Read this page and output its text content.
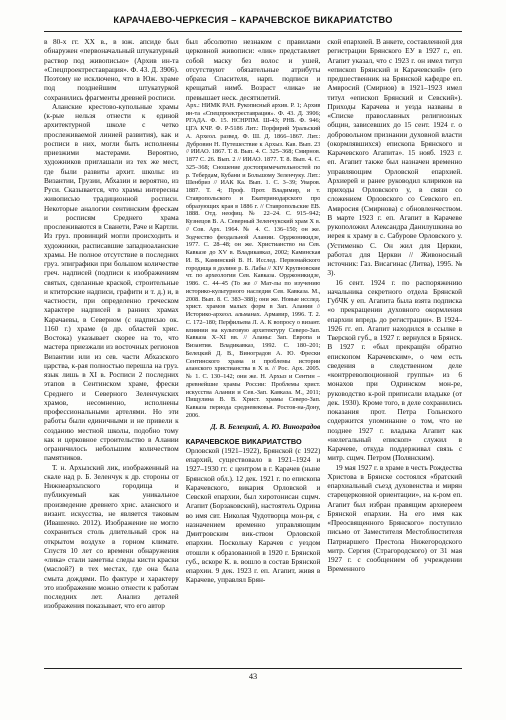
КАРАЧАЕВО-ЧЕРКЕСИЯ – КАРАЧЕВСКОЕ ВИКАРИАТСТВО

в 80-х гг. ХХ в., в юж. апсиде был обнаружен «первоначальный штукатурный раствор под живописью» (Архив ин-та «Спецпроектреставрация». Ф. 43. Д. 3906). Поэтому не исключено, что в Юж. храме под позднейшим штукатуркой сохранились фрагменты древней росписи.

Аланские крестово-купольные храмы (к-рые нельзя отнести к единой архитектурной школе с четко прослеживаемой линией развития), как и росписи в них, могли быть исполнены приезжими мастерами. Вероятно, художников приглашали из тех же мест, где были развиты архит. школы: из Византии, Грузии, Абхазии и вероятно, из Руси. Сказывается, что храмы интересны живописью традиционной росписи. Некоторые аналогии сентинским фрескам и росписям Среднего храма прослеживаются в Сванети, Раче и Картли. Из груз. провинций могли происходить и художники, расписавшие западноаланские храмы. Не полное отсутствие в последних груз. эпиграфики при большом количестве греч. надписей (подписи к изображениям святых, сделанные краской, строительные и ктиторские надписи, графити и т. д.) и, в частности, при определенно греческом характере надписей в ранних храмах Карачаевы, в Северном (с надписью ок. 1160 г.) храме (в др. областей хрис. Востока) указывает скорее на то, что мастера приезжали из восточных регионов Византии или из сев. части Абхазского царства, к-рая полностью перешла на груз. язык лишь в XI в. Росписи 2 последних этапов в Сентинском храме, фрески Среднего и Северного Зеленчукских храмов, несомненно, исполнены профессиональными артелями. Но эти работы были единичными и не привели к созданию местной школы, подобно тому как и церковное строительство в Алании ограничилось небольшим количеством памятников.

Т. н. Архызский лик, изображенный на скале над р. Б. Зеленчук к др. стороны от Нижнеархызского городища и публикуемый как уникальное произведение древнего хрис. аланского и визант. искусства, не является таковым (Ивашенко. 2012). Изображение не могло сохраниться столь длительный срок на открытом воздухе в горном климате. Спустя 10 лет со времени обнаружения «лика» стали заметны следы кисти краски (маслой?) в тех местах, где она была смыта дождями. По фактуре и характеру это изображение можно отнести к работам последних лет. Анализ деталей изображения показывает, что его автор

был абсолютно незнаком с правилами церковной живописи: «лик» представляет собой маску без волос и ушей, отсутствуют обязательные атрибуты образа Спасителя, нарп. подписи и крещатый нимб. Возраст «лика» не превышает неск. десятилетий.

Арх.: НИМК РАН. Рукописный архив. Р. 1; Архив ин-та «Спецпроектреставрация». Ф. 43. Д. 3906; РГАДА. Ф. 15. НСНРПМ. Ш-43; РНБ. Ф. 946; ЦГА КЧР. Ф. Р-5186 Лит.: Порфирий Уральский А. Археол. развед. Ф. Ш. Д. 1866–1867. Лит.: Дубровин Н. Путешествие к Архыз. Кав. Вып. 23 // ИИАО. 1867. Т. 8. Вып. 4. С. 325–368; Смирнов. 1877 С. 26. Вып. 2 // ИИАО. 1877. Т. 8. Вып. 4. С. 325–368; Сношение достопримечательностей по р. Тебердам, Кубани и Большому Зеленчуку. Лит.: Шенбриз // ИАК Ка. Вып. 1. С. 3–39; Уваров. 1887. Т. 4; Проф. Прот. Владимир, и т. Ставропольского и Екатеринодарского про образующих края в 1886 г. // Ставропольские ЕВ. 1888. Отд. неофиц. № 22–24. С. 915–942; Кузнецов В. А. Северный Зеленчукский храм Х в. // Сов. Арх. 1964. № 4. С. 136–150; он же. Зодчество феодальной Алании. Орджоникидзе, 1977. С. 28–48; он же. Христианство на Сев. Кавказе до XV в. Владикавказ, 2002; Каминская И. В., Каминский В. Н. Исслед. Первомайского городища в долине р. Б. Лабы // XIV Крупновские чт. по археологии Сев. Кавказа. Орджоникидзе, 1986. С. 44–45 (То же // Мат-лы по изучению историко-культурного наследия Сев. Кавказа. М., 2008. Вып. 8. С. 383–388); они же. Новые исслед. христ. храмов малых форм в Зап. Алании // Историко-археол. альманах. Армавир, 1996. Т. 2. С. 172–180; Перфильева Л. А. К вопросу о визант. влиянии на культовую архитектуру Северо-Зап. Кавказа X–XI вв. // Аланы: Зап. Европа и Византия. Владикавказ, 1992. С. 180–201; Белецкий Д. В., Виноградов А. Ю. Фрески Сентинского храма и проблемы истории аланского христианства в X в. // Рос. Арх. 2005. № 1. С. 130–142; они же. Н. Архыз и Сентин – древнейшие храмы России: Проблемы христ. искусства Алании и Сев.-Зап. Кавказа. М., 2011; Пищулина В. В. Христ. храмы Северо-Зап. Кавказа периода средневековья. Ростов-на-Дону, 2006.

Д. В. Белецкий, А. Ю. Виноградов

КАРАЧЕВСКОЕ ВИКАРИАТСТВО

Орловской (1921–1922), Брянской (с 1922) епархий, существовало в 1921–1924 и 1927–1930 гг. с центром в г. Карачев (ныне Брянской обл.). 12 дек. 1921 г. по епископа Карачевского, викария Орловской и Севской епархии, был хиротонисан сщмч. Агапит (Борзаковский), настоятель Одрина во имя свт. Николая Чудотворца мон-ря, с назначением временно управляющим Дмитровским вик-ством Орловской епархии. Поскольку Карачев с уездом отошли к образованной в 1920 г. Брянской губ., вскоре К. в. вошло в состав Брянской епархии. 9 дек. 1923 г. еп. Агапит, живя в Карачеве, управлял Брян-

ской епархией. В анкете, составленной для регистрации Брянского ЕУ в 1927 г., еп. Агапит указал, что с 1923 г. он имел титул «епископ Брянский и Карачевский» (его предшественник на Брянской кафедре еп. Амвросий (Смирнов) в 1921–1923 имел титул «епископ Брянский и Севский»). Приходы Карачева и уезда названы в «Списке православных религиозных общин, зависевших до 15 сент. 1924 г. о добровольном признании духовной власти (окормлявшихся) епископа Брянского и Карачевского Агапита». 15 нояб. 1923 г. еп. Агапит также был назначен временно управляющим Орловской епархией. Архиерей и ранее руководил клириков на приходы Орловского у, в связи со сложением Орловского со Севского еп. Амвросия (Смирнова) с обновленчеством. В марте 1923 г. еп. Агапит в Карачеве рукоположил Александра Данилушкина во иерея к храму в с. Сабурове Орловского у. (Устименко С. Он жил для Церкви, работал для Церкви // Живоносный источник: Газ. Висагинас (Литва), 1995. № 3).

16 сент. 1924 г. по распоряжению начальника секретного отдела Брянской ГубЧК у еп. Агапита была взята подписка «о прекращении духовного окормления епархии впредь до регистрации». В 1924–1926 гг. еп. Агапит находился в ссылке в Тверской губ., в 1927 г. вернулся в Брянск. В 1927 г. «был прекращён обратно епископом Карачевским», о чем есть сведения в следственном деле «контрреволюционной группы» из 6 монахов при Одринском мон-ре, руководство к-рой приписали владыке (от дек. 1930). Кроме того, в деле сохранились показания прот. Петра Гольнского содержится упоминание о том, что не позднее 1927 г. владыка Агапит как «нелегальный епископ» служил в Карачеве, откуда поддерживал связь с митр. сщмч. Петром (Полянским).

19 мая 1927 г. в храме в честь Рождества Христова в Брянске состоялся «братский епархиальный съезд духовенства и мирян старецерковной ориентации», на к-ром еп. Агапит был избран правящим архиереем Брянской епархии. На его имя как «Преосвященного Брянского» поступило письмо от Заместителя Местоблюстителя Патриаршего Престола Нижегородского митр. Сергия (Страгородского) от 31 мая 1927 г. с сообщением об учреждении Временного

43
